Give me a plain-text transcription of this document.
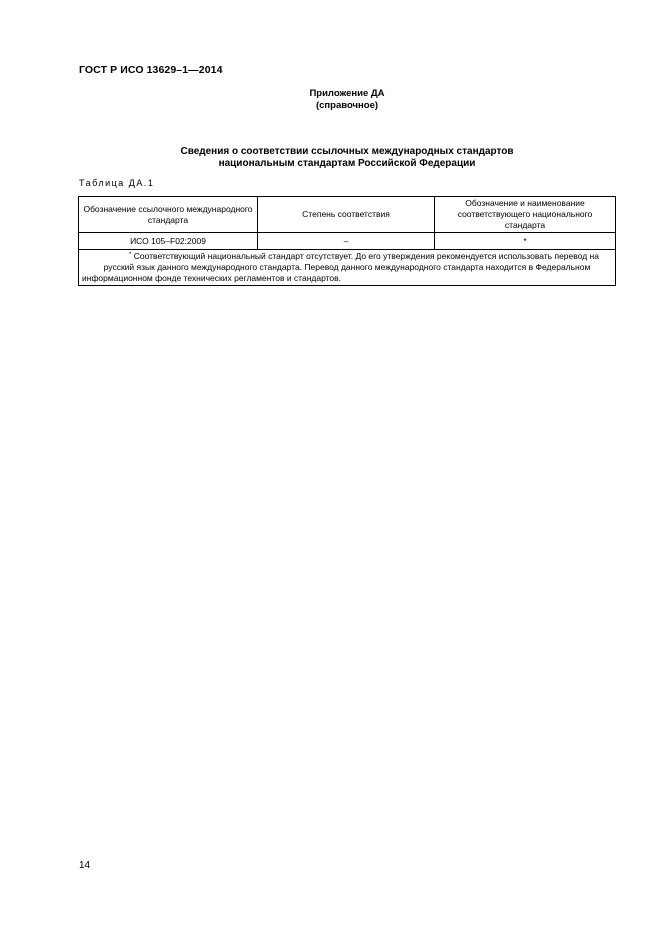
ГОСТ Р ИСО 13629–1—2014
Приложение ДА
(справочное)
Сведения о соответствии ссылочных международных стандартов
национальным стандартам Российской Федерации
Таблица ДА.1
Обозначение ссылочного международного стандарта	Степень соответствия	Обозначение и наименование соответствующего национального стандарта
ИСО 105–F02:2009	–	*
* Соответствующий национальный стандарт отсутствует. До его утверждения рекомендуется использовать перевод на русский язык данного международного стандарта. Перевод данного международного стандарта находится в Федеральном информационном фонде технических регламентов и стандартов.		
14
